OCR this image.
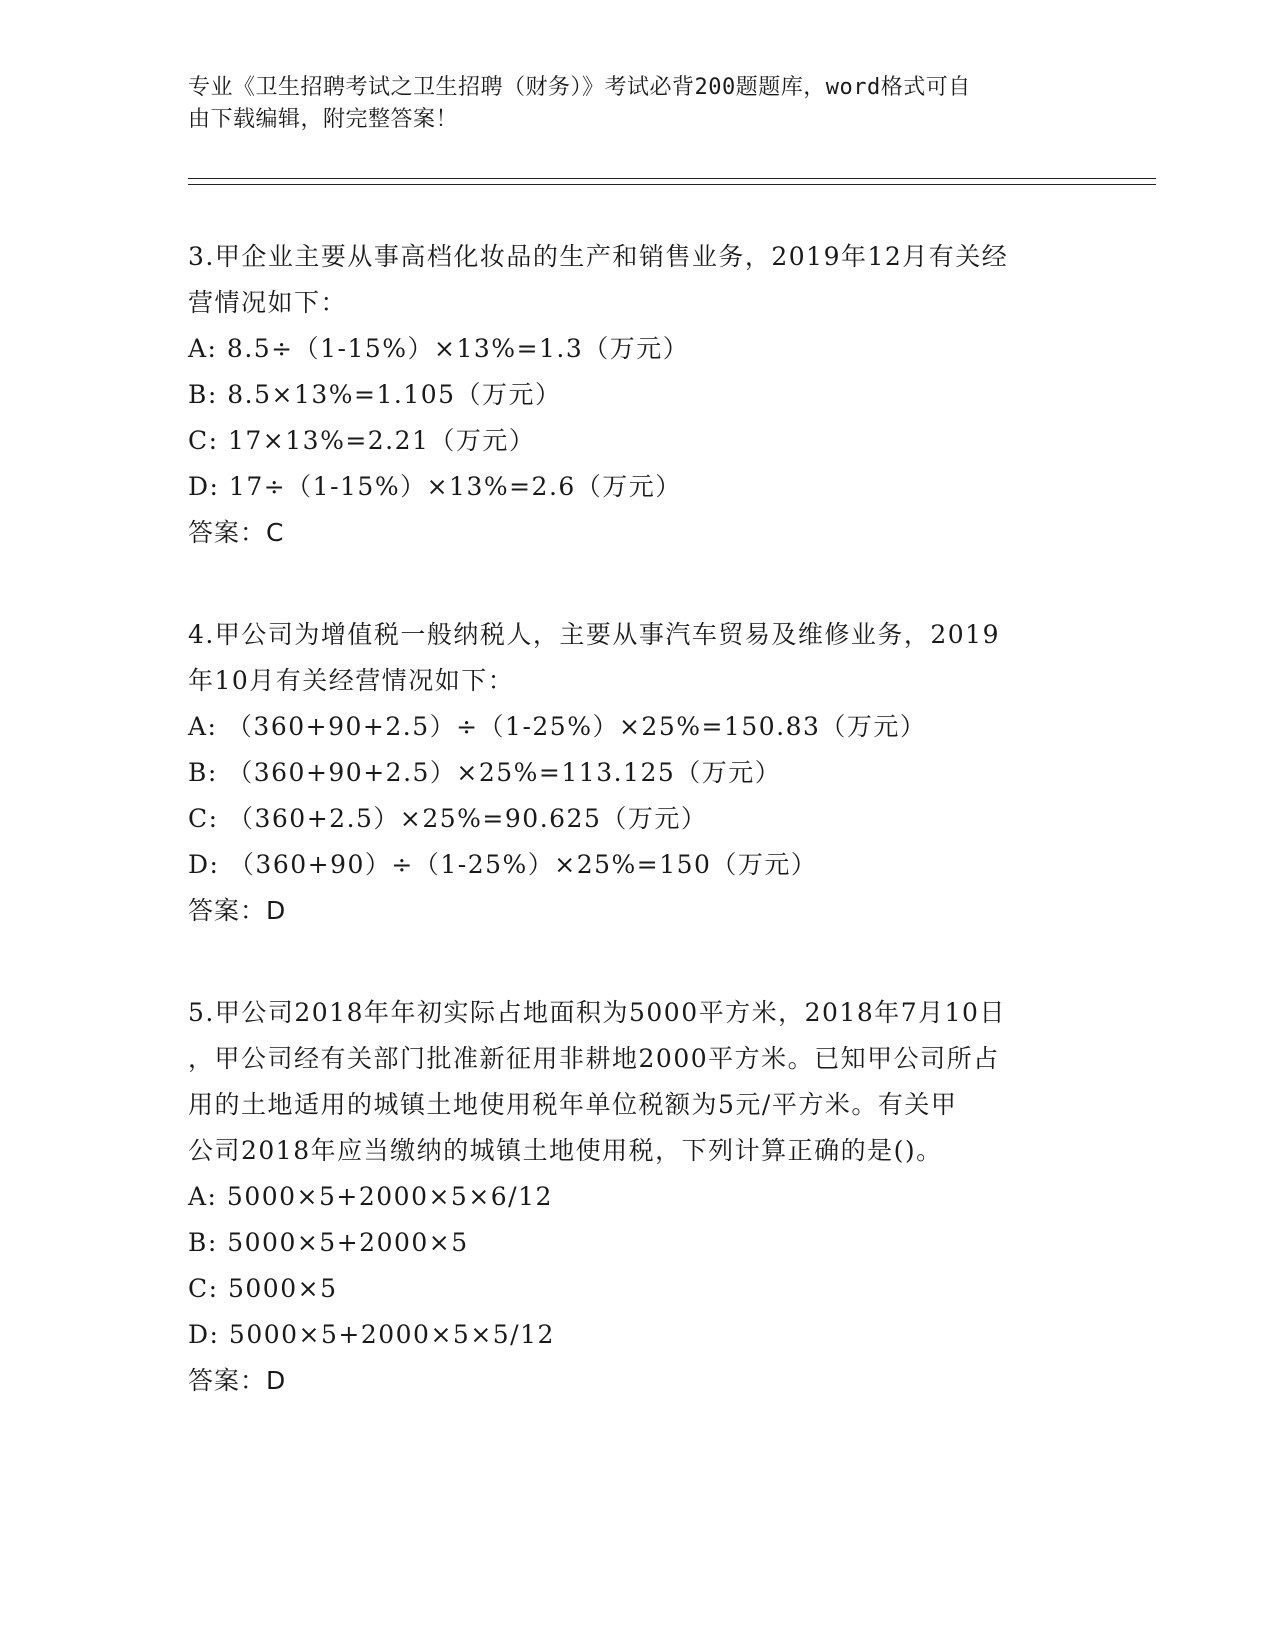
专业《卫生招聘考试之卫生招聘（财务）》考试必背200题题库，word格式可自
由下载编辑，附完整答案！
3.甲企业主要从事高档化妆品的生产和销售业务，2019年12月有关经
营情况如下：
A: 8.5÷（1-15%）×13%=1.3（万元）
B: 8.5×13%=1.105（万元）
C: 17×13%=2.21（万元）
D: 17÷（1-15%）×13%=2.6（万元）
答案：C
4.甲公司为增值税一般纳税人，主要从事汽车贸易及维修业务，2019
年10月有关经营情况如下：
A: （360+90+2.5）÷（1-25%）×25%=150.83（万元）
B: （360+90+2.5）×25%=113.125（万元）
C: （360+2.5）×25%=90.625（万元）
D: （360+90）÷（1-25%）×25%=150（万元）
答案：D
5.甲公司2018年年初实际占地面积为5000平方米，2018年7月10日
，甲公司经有关部门批准新征用非耕地2000平方米。已知甲公司所占
用的土地适用的城镇土地使用税年单位税额为5元/平方米。有关甲
公司2018年应当缴纳的城镇土地使用税，下列计算正确的是()。
A: 5000×5+2000×5×6/12
B: 5000×5+2000×5
C: 5000×5
D: 5000×5+2000×5×5/12
答案：D
